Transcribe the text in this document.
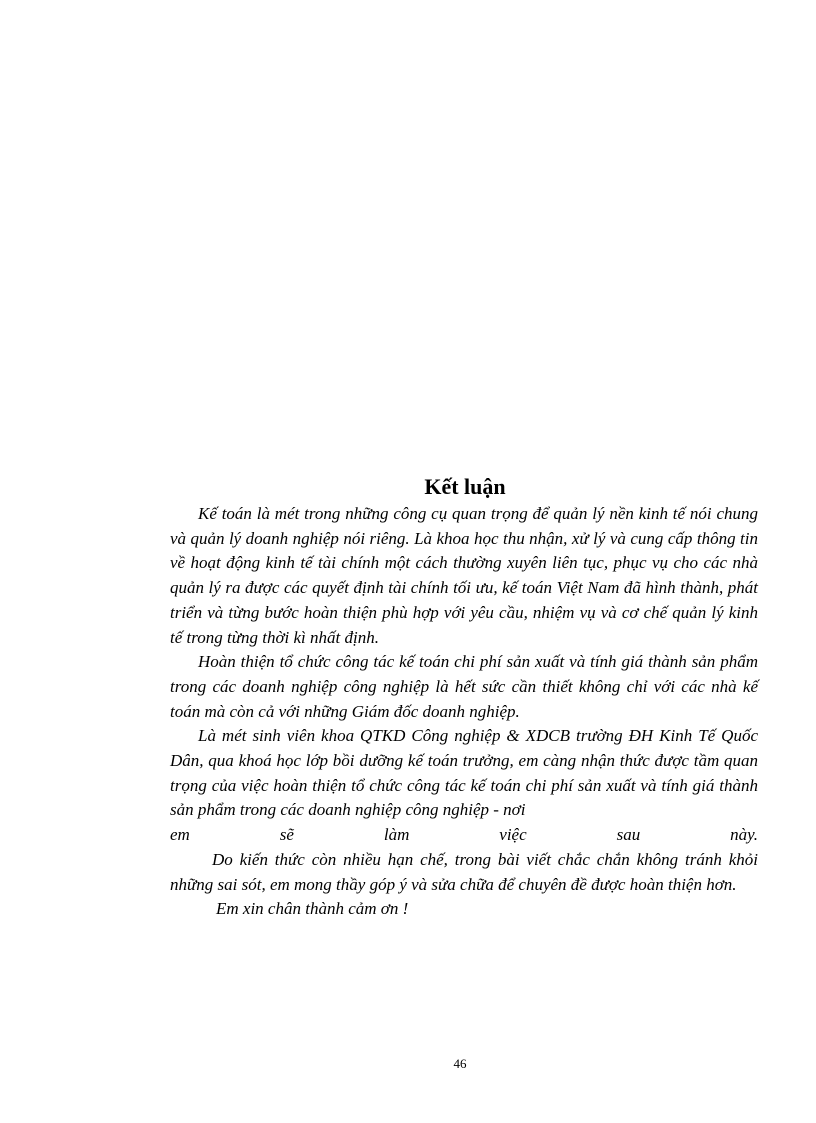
Kết luận

Kế toán là mét trong những công cụ quan trọng để quản lý nền kinh tế nói chung và quản lý doanh nghiệp nói riêng. Là khoa học thu nhận, xử lý và cung cấp thông tin về hoạt động kinh tế tài chính một cách thường xuyên liên tục, phục vụ cho các nhà quản lý ra được các quyết định tài chính tối ưu, kế toán Việt Nam đã hình thành, phát triển và từng bước hoàn thiện phù hợp với yêu cầu, nhiệm vụ và cơ chế quản lý kinh tế trong từng thời kì nhất định.

Hoàn thiện tổ chức công tác kế toán chi phí sản xuất và tính giá thành sản phẩm trong các doanh nghiệp công nghiệp là hết sức cần thiết không chỉ với các nhà kế toán mà còn cả với những Giám đốc doanh nghiệp.

Là mét sinh viên khoa QTKD Công nghiệp & XDCB trường ĐH Kinh Tế Quốc Dân, qua khoá học lớp bồi dưỡng kế toán trưởng, em càng nhận thức được tầm quan trọng của việc hoàn thiện tổ chức công tác kế toán chi phí sản xuất và tính giá thành sản phẩm trong các doanh nghiệp công nghiệp - nơi

em sẽ làm việc sau này.

Do kiến thức còn nhiều hạn chế, trong bài viết chắc chắn không tránh khỏi những sai sót, em mong thầy góp ý và sửa chữa để chuyên đề được hoàn thiện hơn.

Em xin chân thành cảm ơn !

46
